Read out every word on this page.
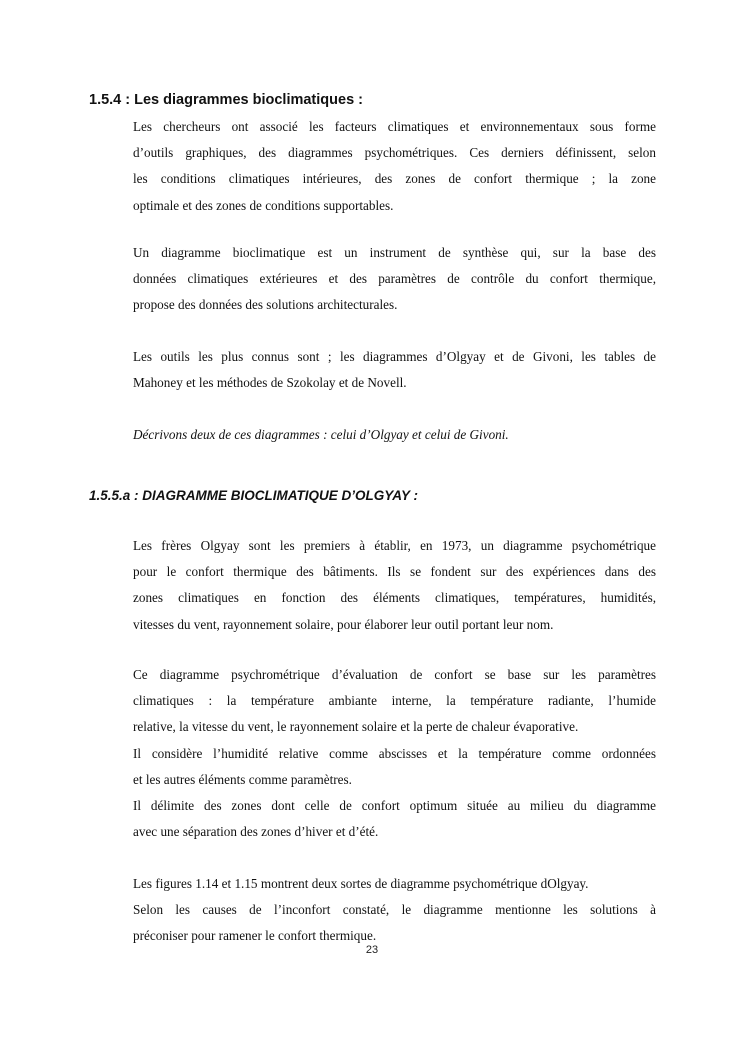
1.5.4 : Les diagrammes bioclimatiques :
Les chercheurs ont associé les facteurs climatiques et environnementaux sous forme
d’outils graphiques, des diagrammes psychométriques. Ces derniers définissent, selon
les conditions climatiques intérieures, des zones de confort thermique ; la zone
optimale et des zones de conditions supportables.
Un diagramme bioclimatique est un instrument de synthèse qui, sur la base des
données climatiques extérieures et des paramètres de contrôle du confort thermique,
propose des données des solutions architecturales.
Les outils les plus connus sont ; les diagrammes d’Olgyay et de Givoni, les tables de
Mahoney et les méthodes de Szokolay et de Novell.
Décrivons deux de ces diagrammes : celui d’Olgyay et celui de Givoni.
1.5.5.a : DIAGRAMME BIOCLIMATIQUE D’OLGYAY :
Les frères Olgyay sont les premiers à établir, en 1973, un diagramme psychométrique
pour le confort thermique des bâtiments. Ils se fondent sur des expériences dans des
zones climatiques en fonction des éléments climatiques, températures, humidités,
vitesses du vent, rayonnement solaire, pour élaborer leur outil portant leur nom.
Ce diagramme psychrométrique d’évaluation de confort se base sur les paramètres
climatiques : la température ambiante interne, la température radiante, l’humide
relative, la vitesse du vent, le rayonnement solaire et la perte de chaleur évaporative.
Il considère l’humidité relative comme abscisses et la température comme ordonnées
et les autres éléments comme paramètres.
Il délimite des zones dont celle de confort optimum située au milieu du diagramme
avec une séparation des zones d’hiver et d’été.
Les figures 1.14 et 1.15 montrent deux sortes de diagramme psychométrique dOlgyay.
Selon les causes de l’inconfort constaté, le diagramme mentionne les solutions à
préconiser pour ramener le confort thermique.
23
